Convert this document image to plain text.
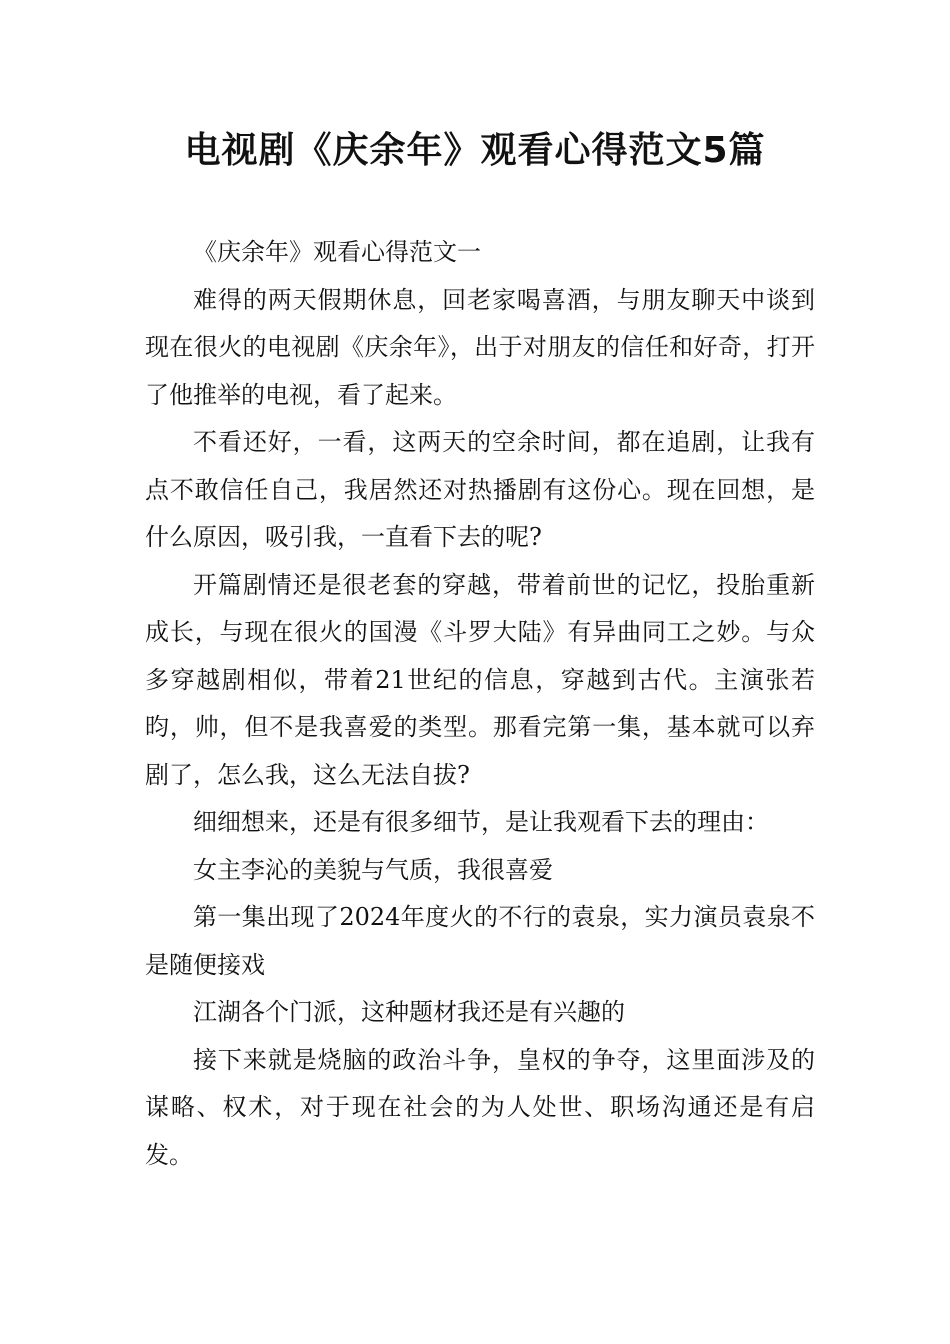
电视剧《庆余年》观看心得范文5篇

《庆余年》观看心得范文一

难得的两天假期休息，回老家喝喜酒，与朋友聊天中谈到现在很火的电视剧《庆余年》，出于对朋友的信任和好奇，打开了他推举的电视，看了起来。

不看还好，一看，这两天的空余时间，都在追剧，让我有点不敢信任自己，我居然还对热播剧有这份心。现在回想，是什么原因，吸引我，一直看下去的呢?

开篇剧情还是很老套的穿越，带着前世的记忆，投胎重新成长，与现在很火的国漫《斗罗大陆》有异曲同工之妙。与众多穿越剧相似，带着21世纪的信息，穿越到古代。主演张若昀，帅，但不是我喜爱的类型。那看完第一集，基本就可以弃剧了，怎么我，这么无法自拔?

细细想来，还是有很多细节，是让我观看下去的理由：

女主李沁的美貌与气质，我很喜爱

第一集出现了2024年度火的不行的袁泉，实力演员袁泉不是随便接戏

江湖各个门派，这种题材我还是有兴趣的

接下来就是烧脑的政治斗争，皇权的争夺，这里面涉及的谋略、权术，对于现在社会的为人处世、职场沟通还是有启发。
